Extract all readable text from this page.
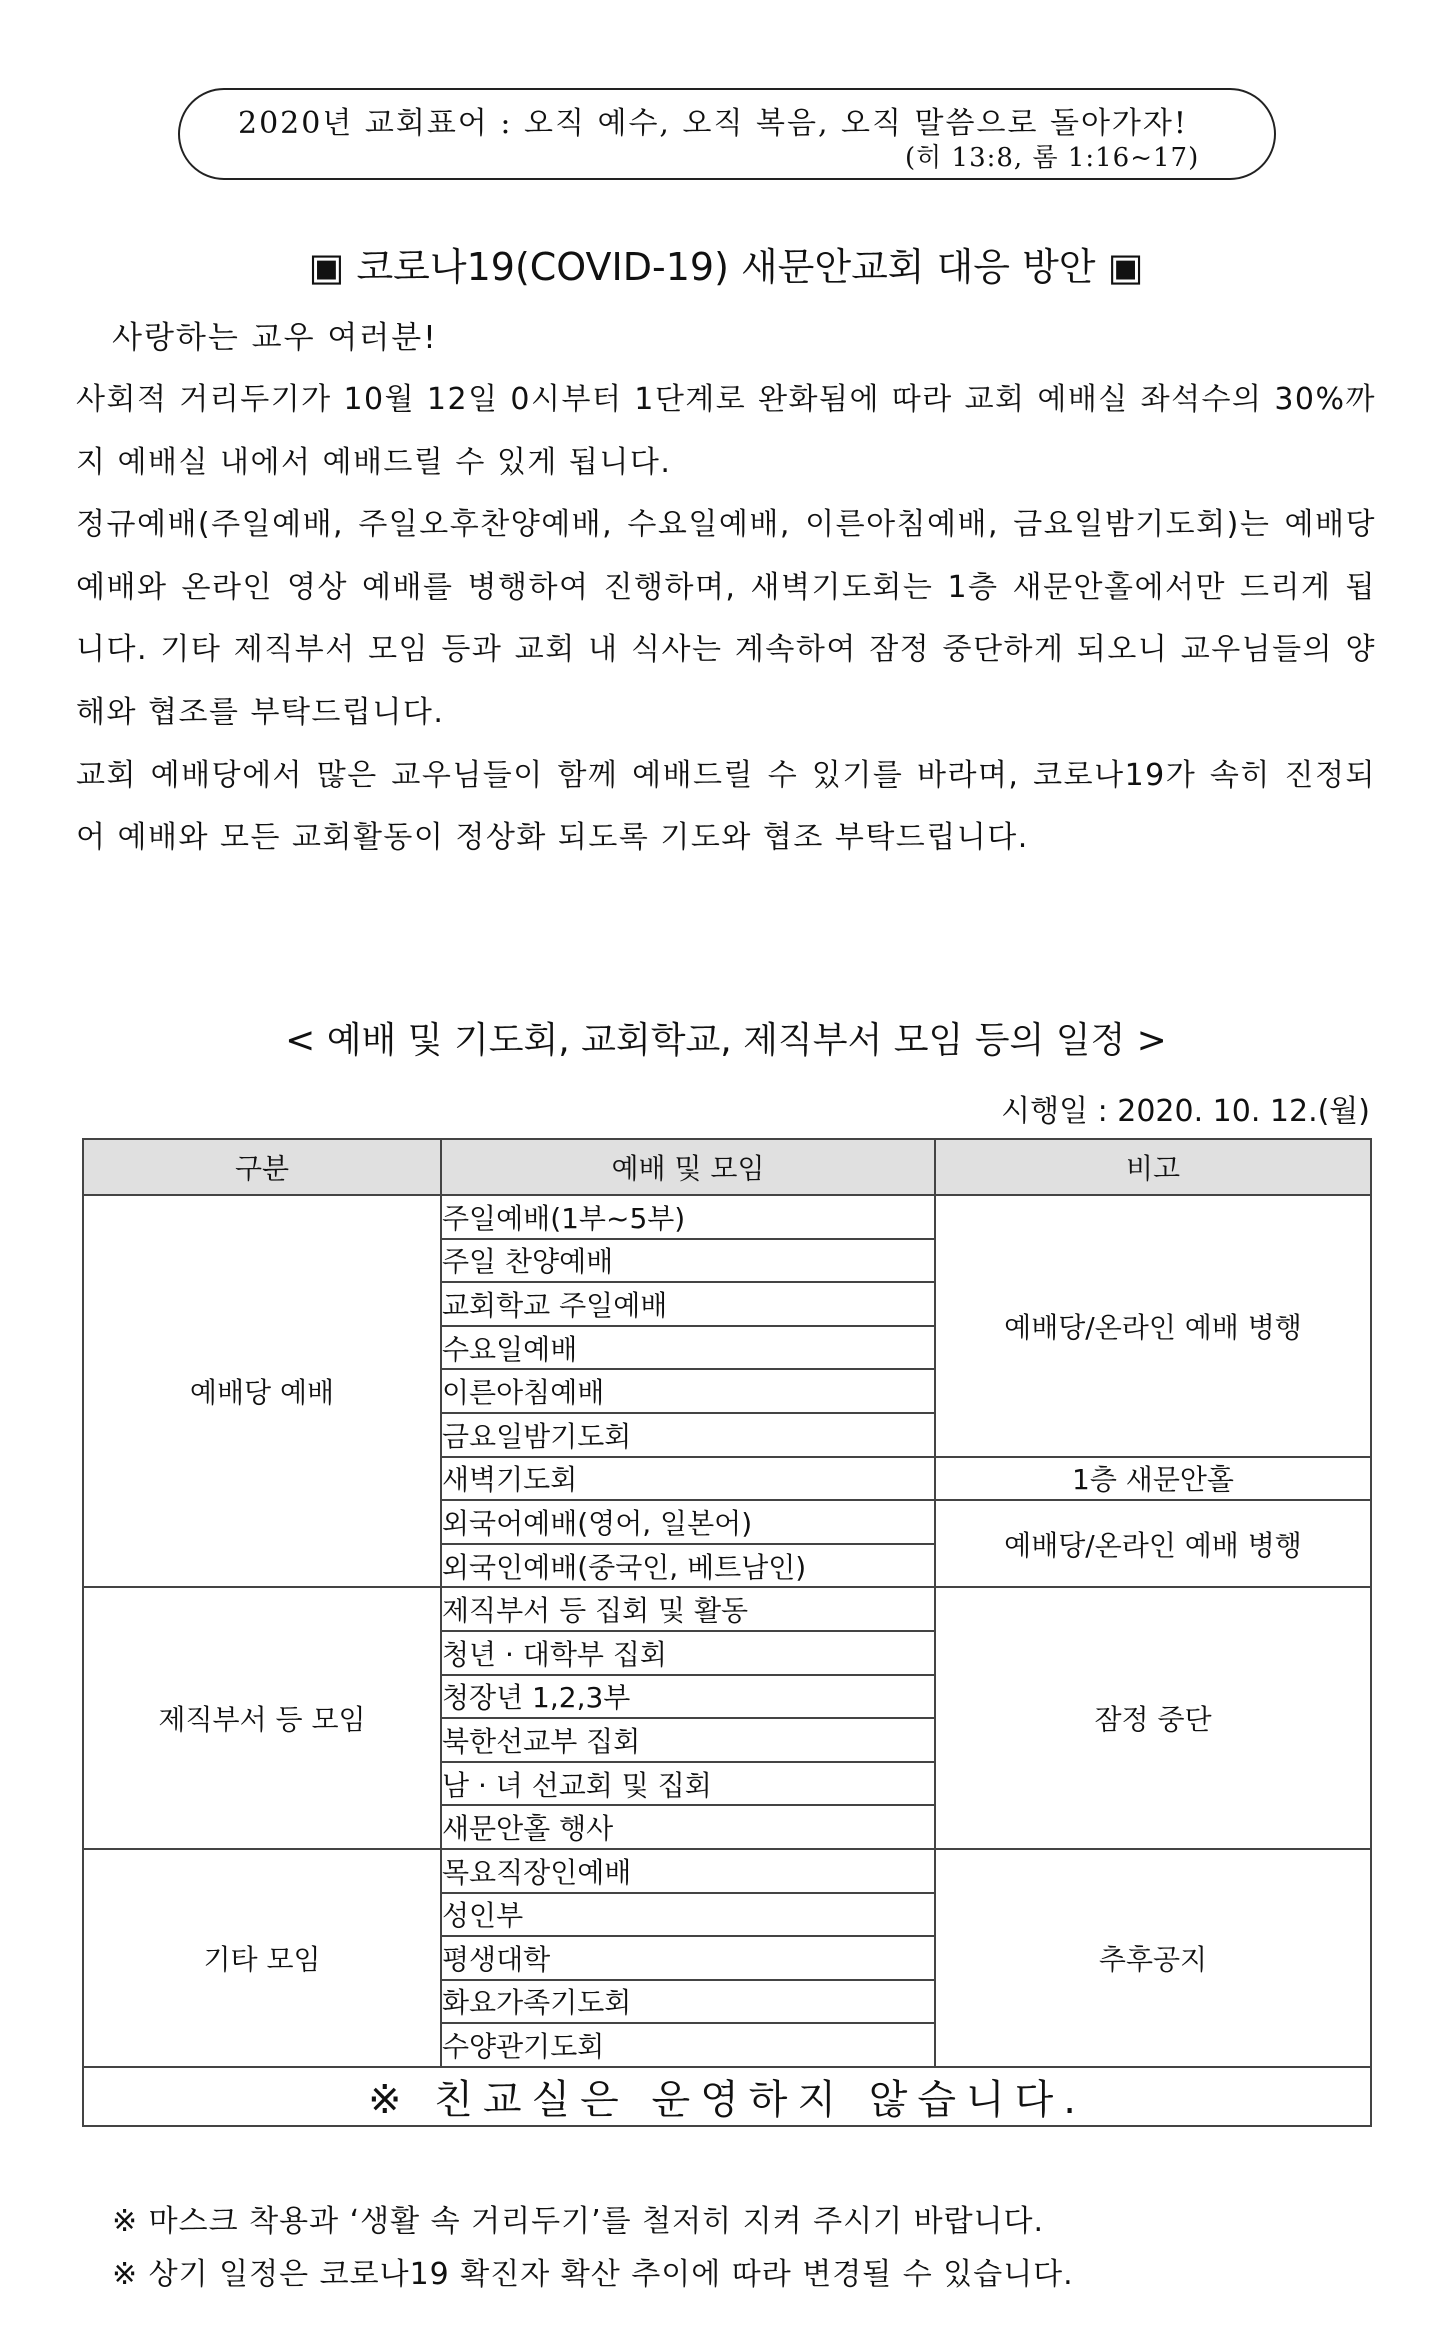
2020년 교회표어 : 오직 예수, 오직 복음, 오직 말씀으로 돌아가자!
(히 13:8, 롬 1:16~17)
▣ 코로나19(COVID-19) 새문안교회 대응 방안 ▣
사랑하는 교우 여러분!

사회적 거리두기가 10월 12일 0시부터 1단계로 완화됨에 따라 교회 예배실 좌석수의 30%까지 예배실 내에서 예배드릴 수 있게 됩니다.

정규예배(주일예배, 주일오후찬양예배, 수요일예배, 이른아침예배, 금요일밤기도회)는 예배당 예배와 온라인 영상 예배를 병행하여 진행하며, 새벽기도회는 1층 새문안홀에서만 드리게 됩니다. 기타 제직부서 모임 등과 교회 내 식사는 계속하여 잠정 중단하게 되오니 교우님들의 양해와 협조를 부탁드립니다.

교회 예배당에서 많은 교우님들이 함께 예배드릴 수 있기를 바라며, 코로나19가 속히 진정되어 예배와 모든 교회활동이 정상화 되도록 기도와 협조 부탁드립니다.

< 예배 및 기도회, 교회학교, 제직부서 모임 등의 일정 >
시행일 : 2020. 10. 12.(월)
구분	예배 및 모임	비고
예배당 예배	주일예배(1부~5부)	예배당/온라인 예배 병행
	주일 찬양예배	
	교회학교 주일예배	
	수요일예배	
	이른아침예배	
	금요일밤기도회	
	새벽기도회	1층 새문안홀
	외국어예배(영어, 일본어)	예배당/온라인 예배 병행
	외국인예배(중국인, 베트남인)	
제직부서 등 모임	제직부서 등 집회 및 활동	잠정 중단
	청년 · 대학부 집회	
	청장년 1,2,3부	
	북한선교부 집회	
	남 · 녀 선교회 및 집회	
	새문안홀 행사	
기타 모임	목요직장인예배	추후공지
	성인부	
	평생대학	
	화요가족기도회	
	수양관기도회	
※ 친교실은 운영하지 않습니다.		
※ 마스크 착용과 ‘생활 속 거리두기’를 철저히 지켜 주시기 바랍니다.
※ 상기 일정은 코로나19 확진자 확산 추이에 따라 변경될 수 있습니다.
